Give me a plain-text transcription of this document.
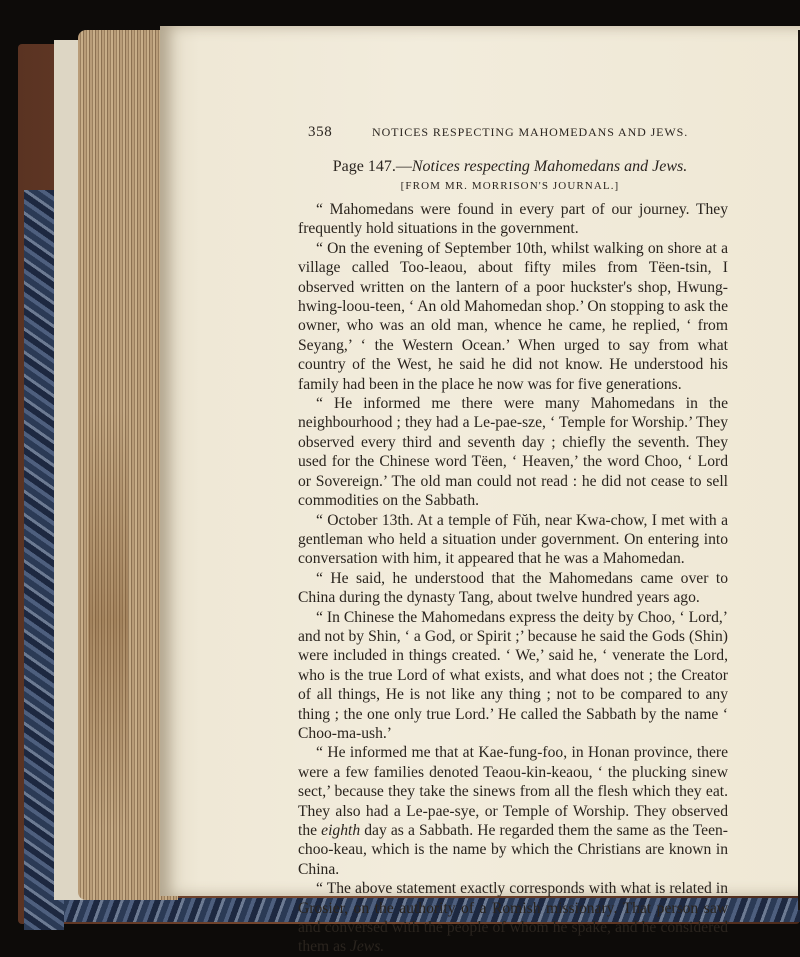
358	NOTICES RESPECTING MAHOMEDANS AND JEWS.
Page 147.—Notices respecting Mahomedans and Jews.
[FROM MR. MORRISON'S JOURNAL.]

“ Mahomedans were found in every part of our journey. They frequently hold situations in the government.

“ On the evening of September 10th, whilst walking on shore at a village called Too-leaou, about fifty miles from Tëen-tsin, I observed written on the lantern of a poor huckster's shop, Hwung-hwing-loou-teen, ‘ An old Mahomedan shop.’ On stopping to ask the owner, who was an old man, whence he came, he replied, ‘ from Seyang,’ ‘ the Western Ocean.’ When urged to say from what country of the West, he said he did not know. He understood his family had been in the place he now was for five generations.

“ He informed me there were many Mahomedans in the neighbourhood ; they had a Le-pae-sze, ‘ Temple for Worship.’ They observed every third and seventh day ; chiefly the seventh. They used for the Chinese word Tëen, ‘ Heaven,’ the word Choo, ‘ Lord or Sovereign.’ The old man could not read : he did not cease to sell commodities on the Sabbath.

“ October 13th. At a temple of Fŭh, near Kwa-chow, I met with a gentleman who held a situation under government. On entering into conversation with him, it appeared that he was a Mahomedan.

“ He said, he understood that the Mahomedans came over to China during the dynasty Tang, about twelve hundred years ago.

“ In Chinese the Mahomedans express the deity by Choo, ‘ Lord,’ and not by Shin, ‘ a God, or Spirit ;’ because he said the Gods (Shin) were included in things created. ‘ We,’ said he, ‘ venerate the Lord, who is the true Lord of what exists, and what does not ; the Creator of all things, He is not like any thing ; not to be compared to any thing ; the one only true Lord.’ He called the Sabbath by the name ‘ Choo-ma-ush.’

“ He informed me that at Kae-fung-foo, in Honan province, there were a few families denoted Teaou-kin-keaou, ‘ the plucking sinew sect,’ because they take the sinews from all the flesh which they eat. They also had a Le-pae-sye, or Temple of Worship. They observed the eighth day as a Sabbath. He regarded them the same as the Teen-choo-keau, which is the name by which the Christians are known in China.

“ The above statement exactly corresponds with what is related in Grosier, on the authority of a Romish missionary. That person saw and conversed with the people of whom he spake, and he considered them as Jews.
